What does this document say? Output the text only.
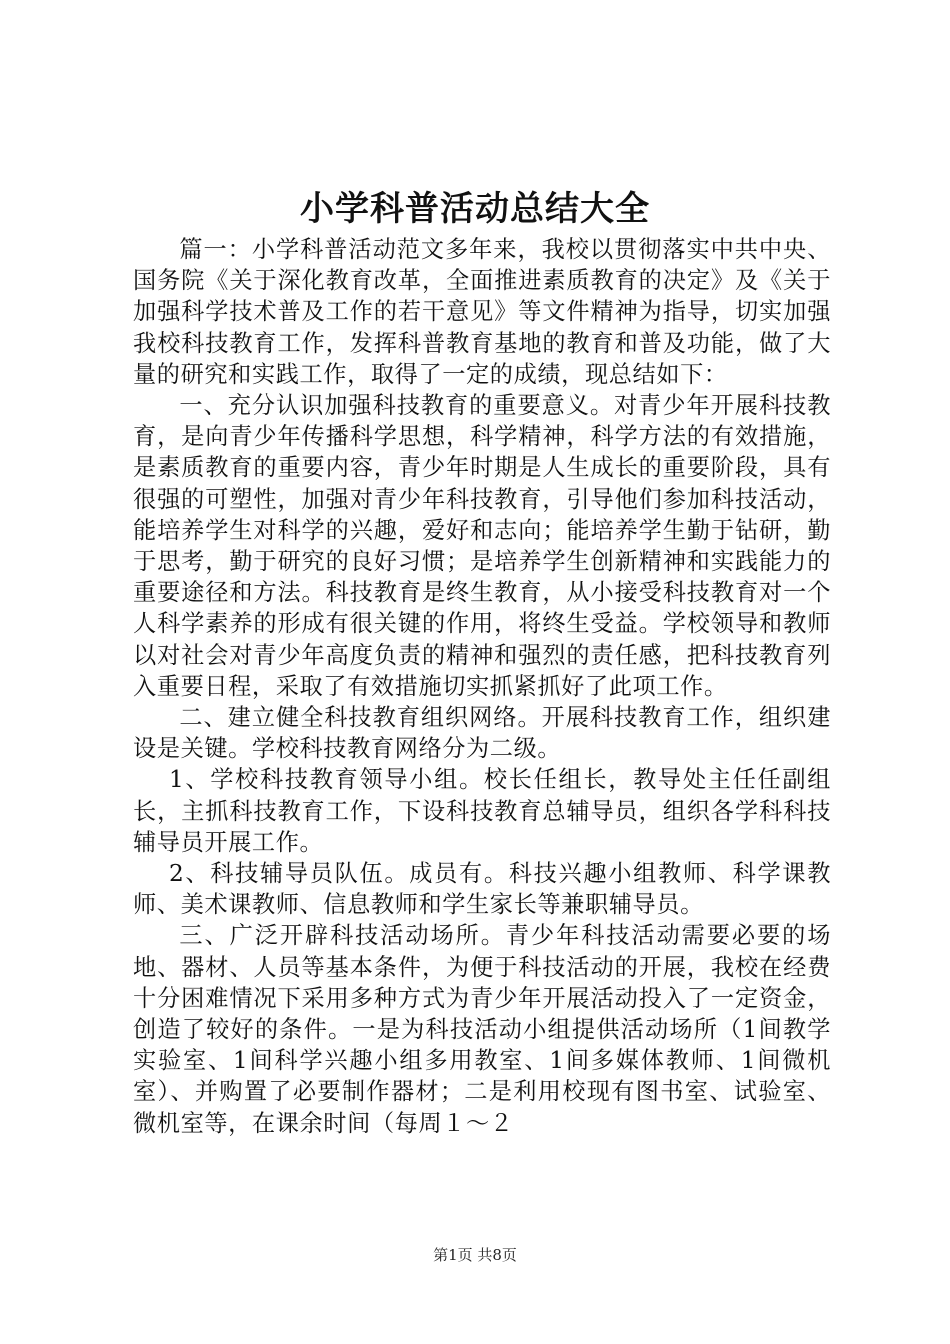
小学科普活动总结大全

篇一：小学科普活动范文多年来，我校以贯彻落实中共中央、国务院《关于深化教育改革，全面推进素质教育的决定》及《关于加强科学技术普及工作的若干意见》等文件精神为指导，切实加强我校科技教育工作，发挥科普教育基地的教育和普及功能，做了大量的研究和实践工作，取得了一定的成绩，现总结如下：

一、充分认识加强科技教育的重要意义。对青少年开展科技教育，是向青少年传播科学思想，科学精神，科学方法的有效措施，是素质教育的重要内容，青少年时期是人生成长的重要阶段，具有很强的可塑性，加强对青少年科技教育，引导他们参加科技活动，能培养学生对科学的兴趣，爱好和志向；能培养学生勤于钻研，勤于思考，勤于研究的良好习惯；是培养学生创新精神和实践能力的重要途径和方法。科技教育是终生教育，从小接受科技教育对一个人科学素养的形成有很关键的作用，将终生受益。学校领导和教师以对社会对青少年高度负责的精神和强烈的责任感，把科技教育列入重要日程，采取了有效措施切实抓紧抓好了此项工作。

二、建立健全科技教育组织网络。开展科技教育工作，组织建设是关键。学校科技教育网络分为二级。

1、学校科技教育领导小组。校长任组长，教导处主任任副组长，主抓科技教育工作，下设科技教育总辅导员，组织各学科科技辅导员开展工作。

2、科技辅导员队伍。成员有。科技兴趣小组教师、科学课教师、美术课教师、信息教师和学生家长等兼职辅导员。

三、广泛开辟科技活动场所。青少年科技活动需要必要的场地、器材、人员等基本条件，为便于科技活动的开展，我校在经费十分困难情况下采用多种方式为青少年开展活动投入了一定资金，创造了较好的条件。一是为科技活动小组提供活动场所（1间教学实验室、1间科学兴趣小组多用教室、1间多媒体教师、1间微机室）、并购置了必要制作器材；二是利用校现有图书室、试验室、微机室等，在课余时间（每周１～２

第1页 共8页
